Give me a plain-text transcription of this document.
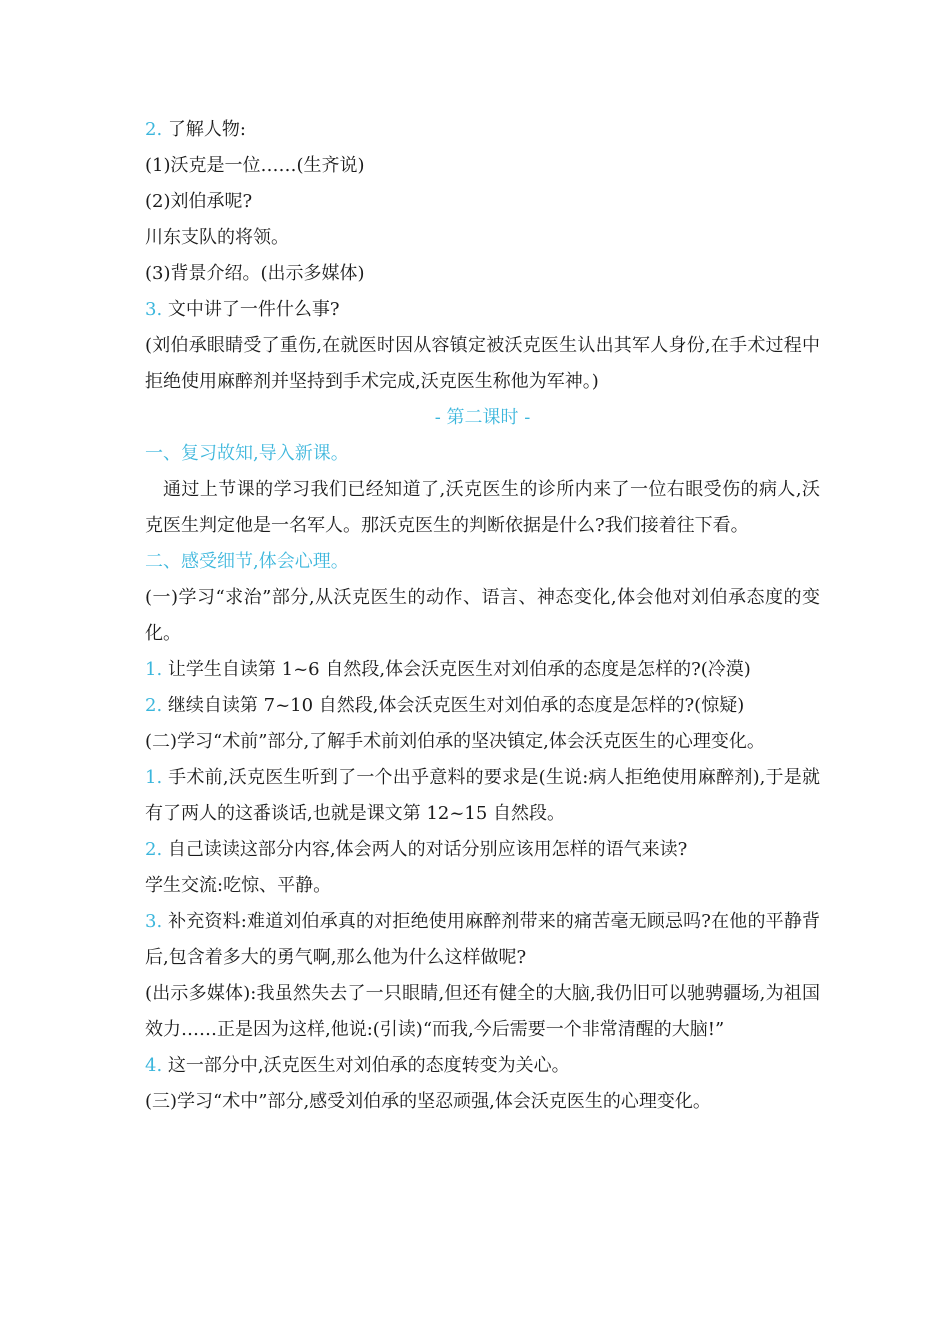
2. 了解人物:

(1)沃克是一位……(生齐说)

(2)刘伯承呢?

川东支队的将领。

(3)背景介绍。(出示多媒体)

3. 文中讲了一件什么事?

(刘伯承眼睛受了重伤,在就医时因从容镇定被沃克医生认出其军人身份,在手术过程中拒绝使用麻醉剂并坚持到手术完成,沃克医生称他为军神。)

- 第二课时 -

一、复习故知,导入新课。

通过上节课的学习我们已经知道了,沃克医生的诊所内来了一位右眼受伤的病人,沃克医生判定他是一名军人。那沃克医生的判断依据是什么?我们接着往下看。

二、感受细节,体会心理。

(一)学习“求治”部分,从沃克医生的动作、语言、神态变化,体会他对刘伯承态度的变化。

1. 让学生自读第 1~6 自然段,体会沃克医生对刘伯承的态度是怎样的?(冷漠)

2. 继续自读第 7~10 自然段,体会沃克医生对刘伯承的态度是怎样的?(惊疑)

(二)学习“术前”部分,了解手术前刘伯承的坚决镇定,体会沃克医生的心理变化。

1. 手术前,沃克医生听到了一个出乎意料的要求是(生说:病人拒绝使用麻醉剂),于是就有了两人的这番谈话,也就是课文第 12~15 自然段。

2. 自己读读这部分内容,体会两人的对话分别应该用怎样的语气来读?

学生交流:吃惊、平静。

3. 补充资料:难道刘伯承真的对拒绝使用麻醉剂带来的痛苦毫无顾忌吗?在他的平静背后,包含着多大的勇气啊,那么他为什么这样做呢?

(出示多媒体):我虽然失去了一只眼睛,但还有健全的大脑,我仍旧可以驰骋疆场,为祖国效力……正是因为这样,他说:(引读)“而我,今后需要一个非常清醒的大脑!”

4. 这一部分中,沃克医生对刘伯承的态度转变为关心。

(三)学习“术中”部分,感受刘伯承的坚忍顽强,体会沃克医生的心理变化。
